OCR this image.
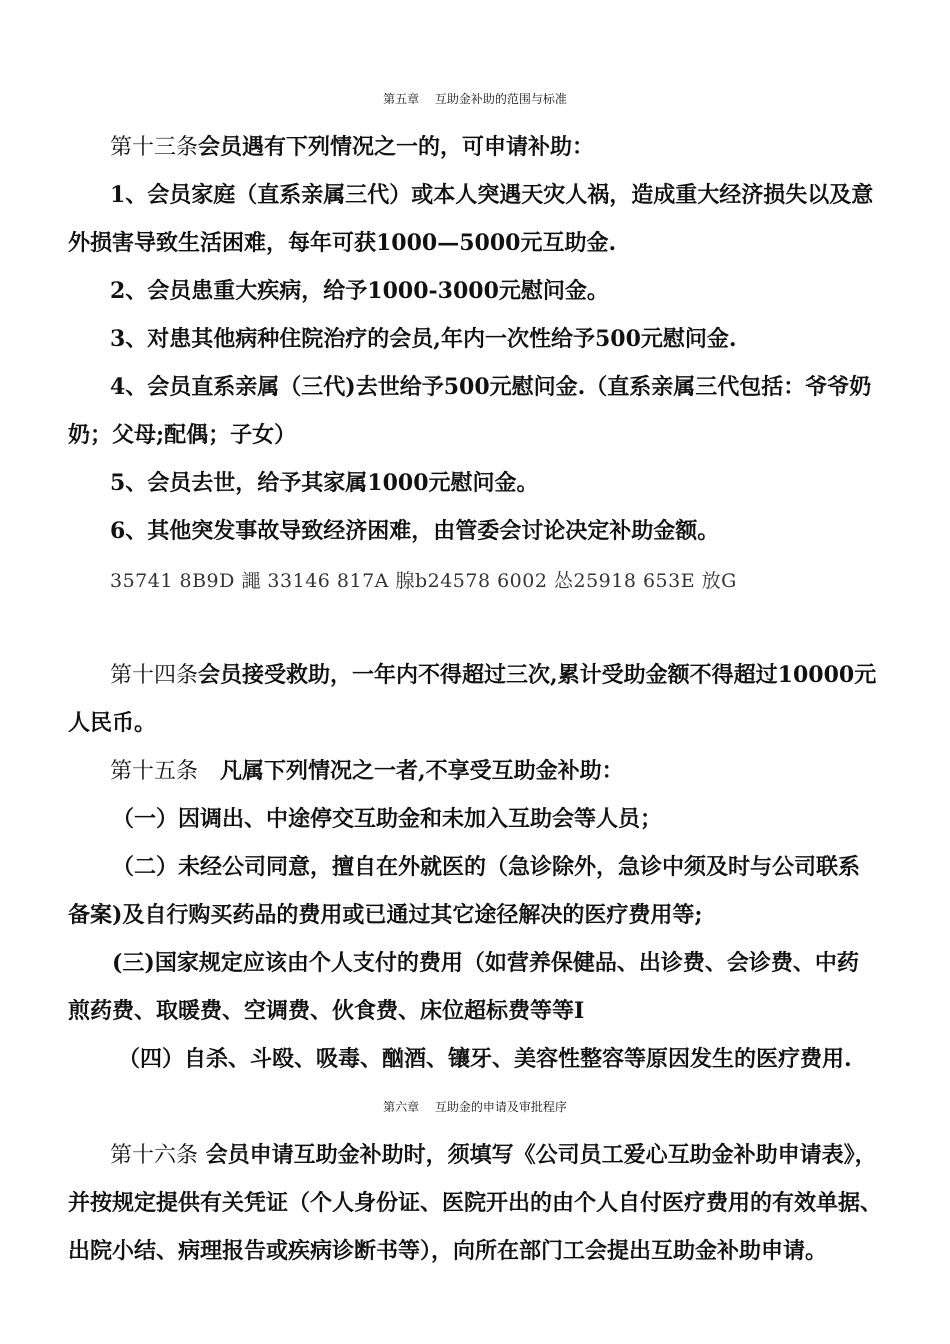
第五章　 互助金补助的范围与标准
第十三条会员遇有下列情况之一的，可申请补助：
1、会员家庭（直系亲属三代）或本人突遇天灾人祸，造成重大经济损失以及意
外损害导致生活困难，每年可获1000—5000元互助金.
2、会员患重大疾病，给予1000-3000元慰问金。
3、对患其他病种住院治疗的会员,年内一次性给予500元慰问金.
4、会员直系亲属（三代)去世给予500元慰问金.（直系亲属三代包括：爷爷奶
奶；父母;配偶；子女）
5、会员去世，给予其家属1000元慰问金。
6、其他突发事故导致经济困难，由管委会讨论决定补助金额。
35741 8B9D 譝 33146 817A 腺b24578 6002 怂25918 653E 放G
第十四条会员接受救助，一年内不得超过三次,累计受助金额不得超过10000元
人民币。
第十五条　凡属下列情况之一者,不享受互助金补助：
（一）因调出、中途停交互助金和未加入互助会等人员；
（二）未经公司同意，擅自在外就医的（急诊除外，急诊中须及时与公司联系
备案)及自行购买药品的费用或已通过其它途径解决的医疗费用等;
(三)国家规定应该由个人支付的费用（如营养保健品、出诊费、会诊费、中药
煎药费、取暖费、空调费、伙食费、床位超标费等等I
（四）自杀、斗殴、吸毒、酗酒、镶牙、美容性整容等原因发生的医疗费用.
第六章　 互助金的申请及审批程序
第十六条 会员申请互助金补助时，须填写《公司员工爱心互助金补助申请表》，
并按规定提供有关凭证（个人身份证、医院开出的由个人自付医疗费用的有效单据、
出院小结、病理报告或疾病诊断书等），向所在部门工会提出互助金补助申请。
